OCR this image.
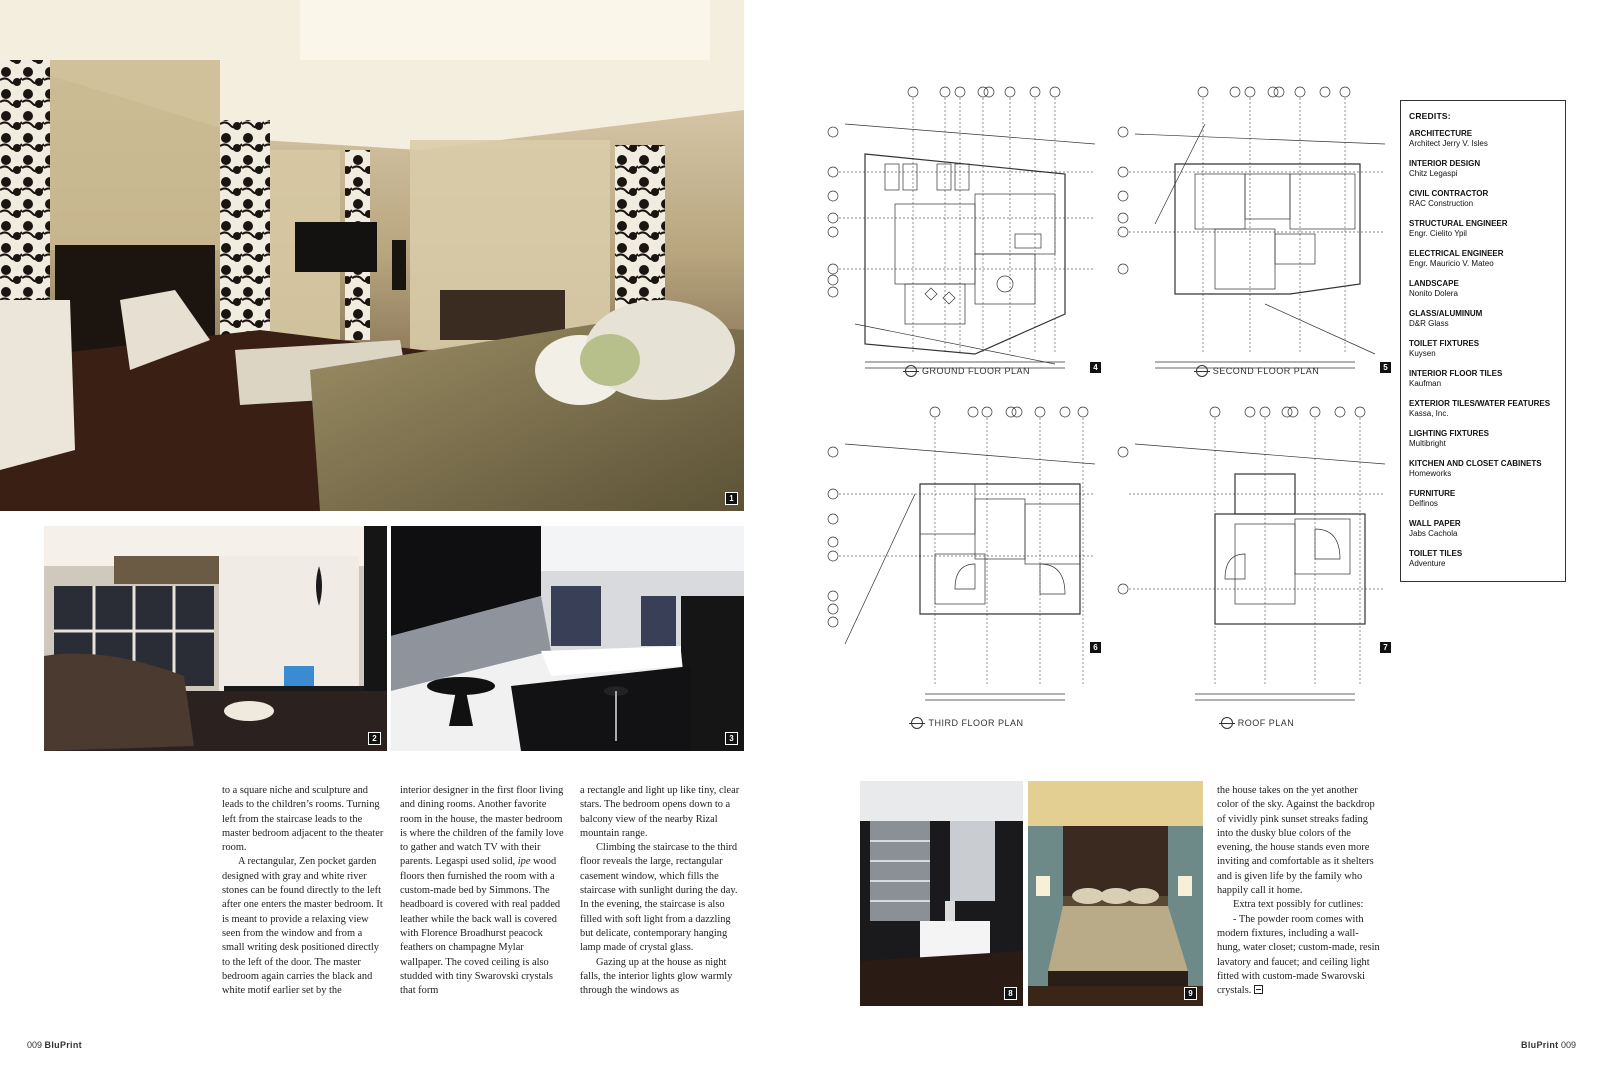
1
2	3
GROUND FLOOR PLAN	4	SECOND FLOOR PLAN	5
THIRD FLOOR PLAN
6
ROOF PLAN
7
CREDITS:
ARCHITECTURE
Architect Jerry V. Isles
INTERIOR DESIGN
Chitz Legaspi
CIVIL CONTRACTOR
RAC Construction
STRUCTURAL ENGINEER
Engr. Cielito Ypil
ELECTRICAL ENGINEER
Engr. Mauricio V. Mateo
LANDSCAPE
Nonito Dolera
GLASS/ALUMINUM
D&R Glass
TOILET FIXTURES
Kuysen
INTERIOR FLOOR TILES
Kaufman
EXTERIOR TILES/WATER FEATURES
Kassa, Inc.
LIGHTING FIXTURES
Multibright
KITCHEN AND CLOSET CABINETS
Homeworks
FURNITURE
Delfinos
WALL PAPER
Jabs Cachola
TOILET TILES
Adventure
8	9

to a square niche and sculpture and leads to the children’s rooms. Turning left from the staircase leads to the master bedroom adjacent to the theater room.

A rectangular, Zen pocket garden designed with gray and white river stones can be found directly to the left after one enters the master bedroom. It is meant to provide a relaxing view seen from the window and from a small writing desk positioned directly to the left of the door. The master bedroom again carries the black and white motif earlier set by the

interior designer in the first floor living and dining rooms. Another favorite room in the house, the master bedroom is where the children of the family love to gather and watch TV with their parents. Legaspi used solid, ipe wood floors then furnished the room with a custom-made bed by Simmons. The headboard is covered with real padded leather while the back wall is covered with Florence Broadhurst peacock feathers on champagne Mylar wallpaper. The coved ceiling is also studded with tiny Swarovski crystals that form

a rectangle and light up like tiny, clear stars. The bedroom opens down to a balcony view of the nearby Rizal mountain range.

Climbing the staircase to the third floor reveals the large, rectangular casement window, which fills the staircase with sunlight during the day. In the evening, the staircase is also filled with soft light from a dazzling but delicate, contemporary hanging lamp made of crystal glass.

Gazing up at the house as night falls, the interior lights glow warmly through the windows as

the house takes on the yet another color of the sky. Against the backdrop of vividly pink sunset streaks fading into the dusky blue colors of the evening, the house stands even more inviting and comfortable as it shelters and is given life by the family who happily call it home.

Extra text possibly for cutlines:

- The powder room comes with modern fixtures, including a wall-hung, water closet; custom-made, resin lavatory and faucet; and ceiling light fitted with custom-made Swarovski crystals.

009 BluPrint	BluPrint 009
